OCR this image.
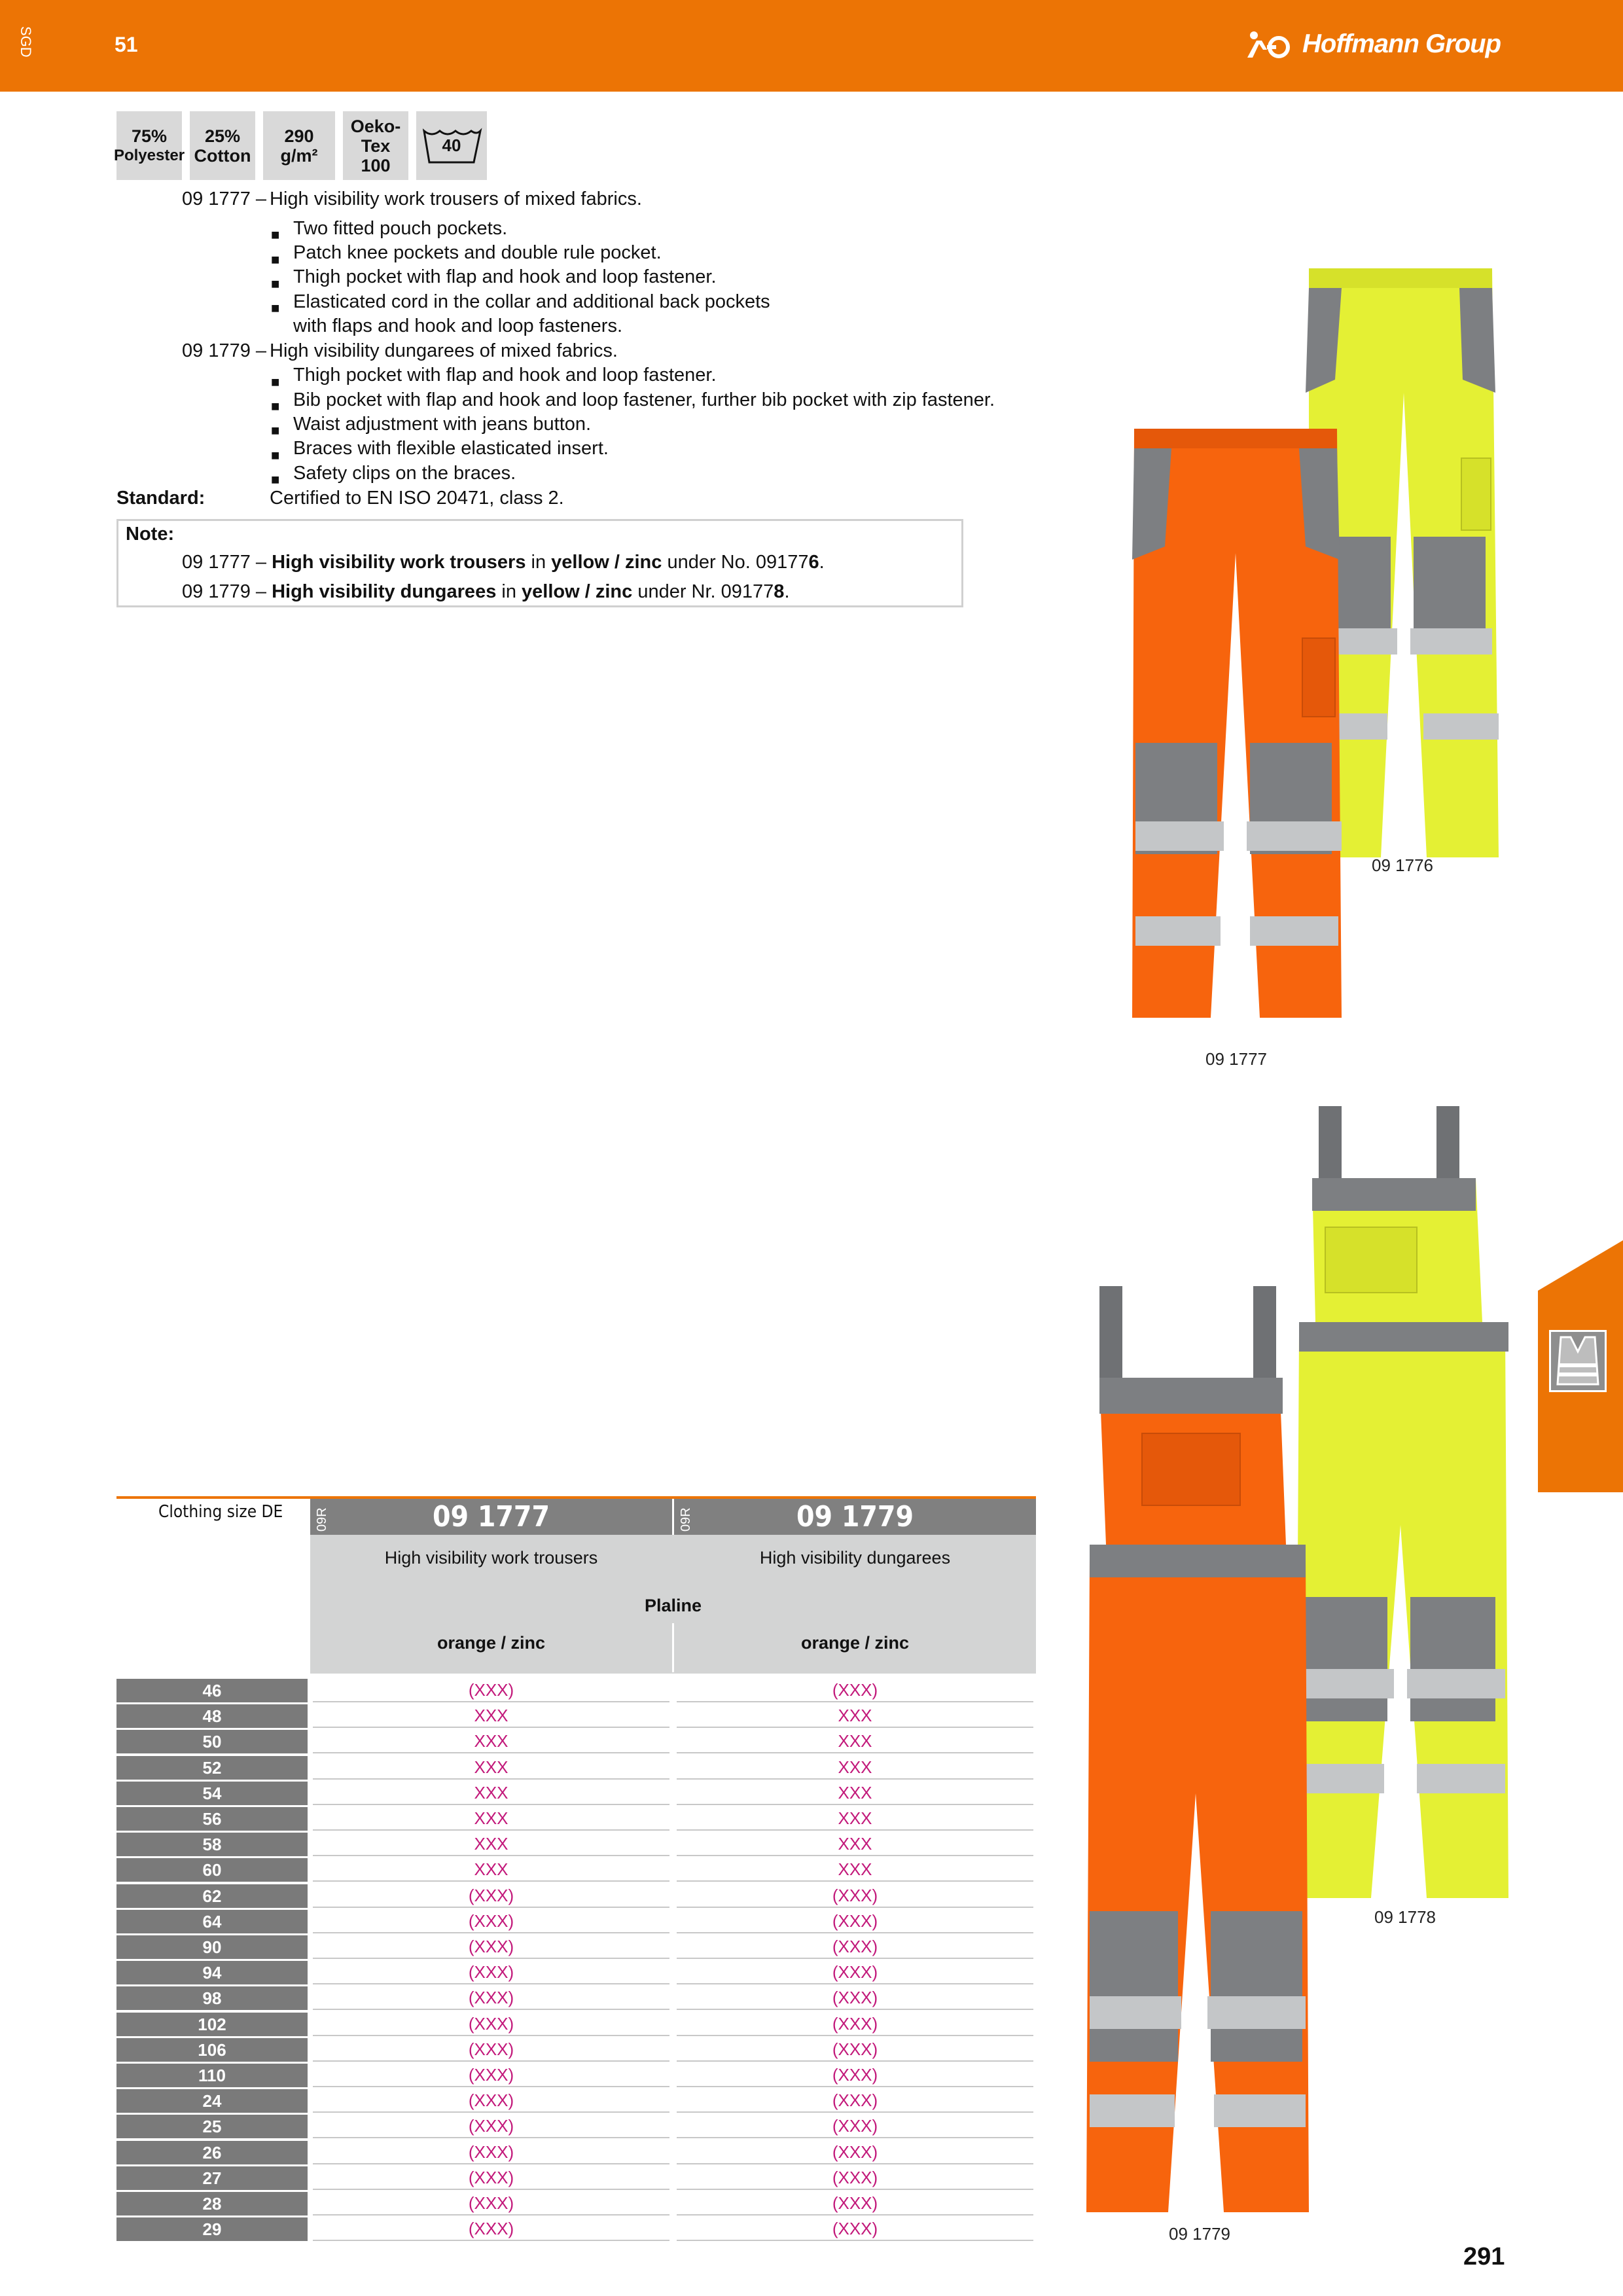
SGD	51	Hoffmann Group
75%
Polyester
25%
Cotton
290
g/m²
Oeko-
Tex
100
40
09 1777 – High visibility work trousers of mixed fabrics.
■ Two fitted pouch pockets.
■ Patch knee pockets and double rule pocket.
■ Thigh pocket with flap and hook and loop fastener.
■ Elasticated cord in the collar and additional back pockets
with flaps and hook and loop fasteners.
09 1779 – High visibility dungarees of mixed fabrics.
■ Thigh pocket with flap and hook and loop fastener.
■ Bib pocket with flap and hook and loop fastener, further bib pocket with zip fastener.
■ Waist adjustment with jeans button.
■ Braces with flexible elasticated insert.
■ Safety clips on the braces.
Standard:	Certified to EN ISO 20471, class 2.
Note:
09 1777 – High visibility work trousers in yellow / zinc under No. 091776.
09 1779 – High visibility dungarees in yellow / zinc under Nr. 091778.
09 1776
09 1777
09 1778
09 1779
Clothing size DE	09 1777
09R	09 1779
09R
High visibility work trousers	High visibility dungarees
Plaline
orange / zinc	orange / zinc
46	(XXX)	(XXX)
48	XXX	XXX
50	XXX	XXX
52	XXX	XXX
54	XXX	XXX
56	XXX	XXX
58	XXX	XXX
60	XXX	XXX
62	(XXX)	(XXX)
64	(XXX)	(XXX)
90	(XXX)	(XXX)
94	(XXX)	(XXX)
98	(XXX)	(XXX)
102	(XXX)	(XXX)
106	(XXX)	(XXX)
110	(XXX)	(XXX)
24	(XXX)	(XXX)
25	(XXX)	(XXX)
26	(XXX)	(XXX)
27	(XXX)	(XXX)
28	(XXX)	(XXX)
29	(XXX)	(XXX)
291
